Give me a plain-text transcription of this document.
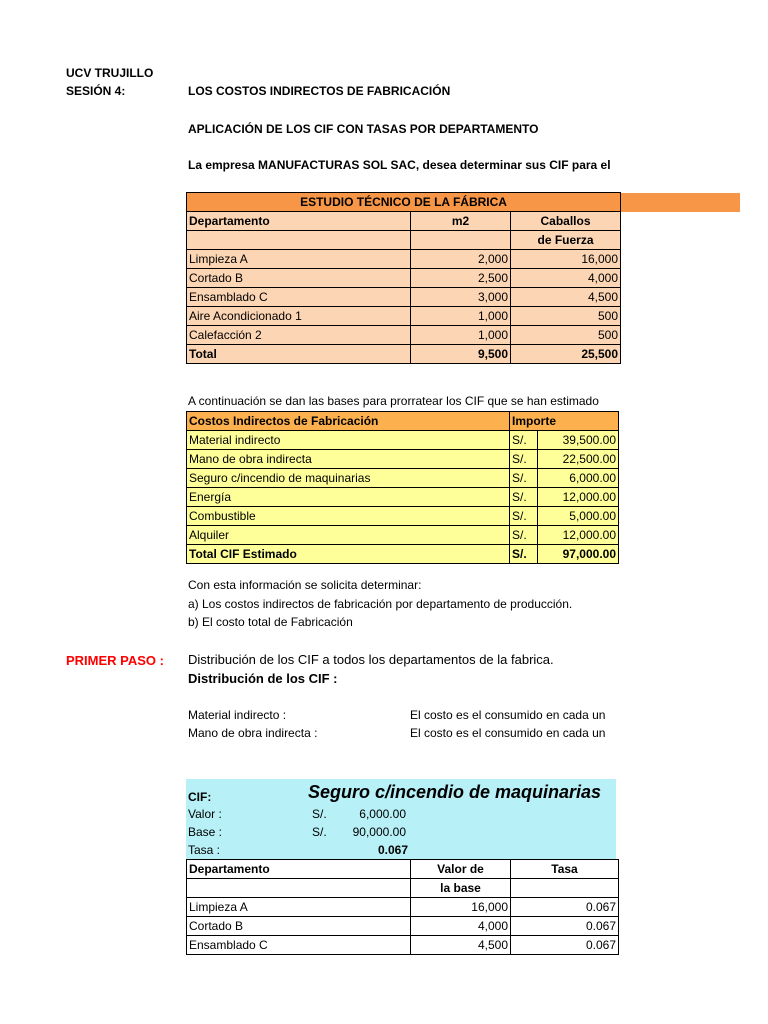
UCV TRUJILLO
SESIÓN 4:	LOS COSTOS INDIRECTOS DE FABRICACIÓN
APLICACIÓN DE LOS CIF CON TASAS POR DEPARTAMENTO
La empresa MANUFACTURAS SOL SAC, desea determinar sus CIF para el
ESTUDIO TÉCNICO DE LA FÁBRICA		
Departamento	m2	Caballos
		de Fuerza
Limpieza A	2,000	16,000
Cortado B	2,500	4,000
Ensamblado C	3,000	4,500
Aire Acondicionado 1	1,000	500
Calefacción 2	1,000	500
Total	9,500	25,500
A continuación se dan las bases para prorratear los CIF que se han estimado
Costos Indirectos de Fabricación	Importe	
Material indirecto	S/.	39,500.00
Mano de obra indirecta	S/.	22,500.00
Seguro c/incendio de maquinarias	S/.	6,000.00
Energía	S/.	12,000.00
Combustible	S/.	5,000.00
Alquiler	S/.	12,000.00
Total CIF Estimado	S/.	97,000.00
Con esta información se solicita determinar:
a) Los costos indirectos de fabricación por departamento de producción.
b) El costo total de Fabricación
PRIMER PASO : Distribución de los CIF a todos los departamentos de la fabrica.
Distribución de los CIF :
Material indirecto :	El costo es el consumido en cada un
Mano de obra indirecta :	El costo es el consumido en cada un
CIF:	Seguro c/incendio de maquinarias
Valor :	S/.	6,000.00
Base :	S/.	90,000.00
Tasa :	0.067
Departamento	Valor de	Tasa
	la base	
Limpieza A	16,000	0.067
Cortado B	4,000	0.067
Ensamblado C	4,500	0.067
